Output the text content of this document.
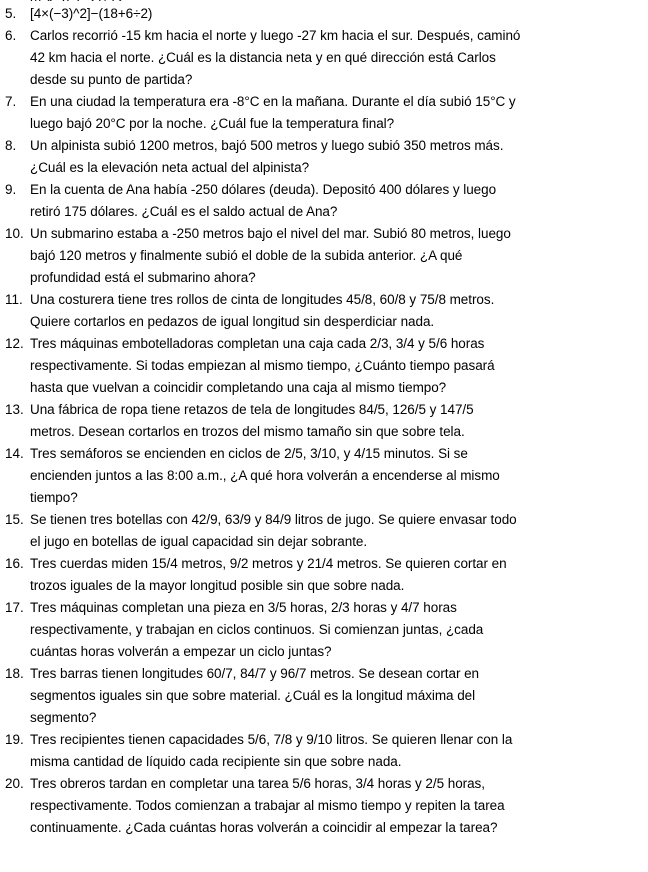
5. [4×(−3)^2]−(18+6÷2)
6. Carlos recorrió -15 km hacia el norte y luego -27 km hacia el sur. Después, caminó
42 km hacia el norte. ¿Cuál es la distancia neta y en qué dirección está Carlos
desde su punto de partida?
7. En una ciudad la temperatura era -8°C en la mañana. Durante el día subió 15°C y
luego bajó 20°C por la noche. ¿Cuál fue la temperatura final?
8. Un alpinista subió 1200 metros, bajó 500 metros y luego subió 350 metros más.
¿Cuál es la elevación neta actual del alpinista?
9. En la cuenta de Ana había -250 dólares (deuda). Depositó 400 dólares y luego
retiró 175 dólares. ¿Cuál es el saldo actual de Ana?
10. Un submarino estaba a -250 metros bajo el nivel del mar. Subió 80 metros, luego
bajó 120 metros y finalmente subió el doble de la subida anterior. ¿A qué
profundidad está el submarino ahora?
11. Una costurera tiene tres rollos de cinta de longitudes 45/8, 60/8 y 75/8 metros.
Quiere cortarlos en pedazos de igual longitud sin desperdiciar nada.
12. Tres máquinas embotelladoras completan una caja cada 2/3, 3/4 y 5/6 horas
respectivamente. Si todas empiezan al mismo tiempo, ¿Cuánto tiempo pasará
hasta que vuelvan a coincidir completando una caja al mismo tiempo?
13. Una fábrica de ropa tiene retazos de tela de longitudes 84/5, 126/5 y 147/5
metros. Desean cortarlos en trozos del mismo tamaño sin que sobre tela.
14. Tres semáforos se encienden en ciclos de 2/5, 3/10, y 4/15 minutos. Si se
encienden juntos a las 8:00 a.m., ¿A qué hora volverán a encenderse al mismo
tiempo?
15. Se tienen tres botellas con 42/9, 63/9 y 84/9 litros de jugo. Se quiere envasar todo
el jugo en botellas de igual capacidad sin dejar sobrante.
16. Tres cuerdas miden 15/4 metros, 9/2 metros y 21/4 metros. Se quieren cortar en
trozos iguales de la mayor longitud posible sin que sobre nada.
17. Tres máquinas completan una pieza en 3/5 horas, 2/3 horas y 4/7 horas
respectivamente, y trabajan en ciclos continuos. Si comienzan juntas, ¿cada
cuántas horas volverán a empezar un ciclo juntas?
18. Tres barras tienen longitudes 60/7, 84/7 y 96/7 metros. Se desean cortar en
segmentos iguales sin que sobre material. ¿Cuál es la longitud máxima del
segmento?
19. Tres recipientes tienen capacidades 5/6, 7/8 y 9/10 litros. Se quieren llenar con la
misma cantidad de líquido cada recipiente sin que sobre nada.
20. Tres obreros tardan en completar una tarea 5/6 horas, 3/4 horas y 2/5 horas,
respectivamente. Todos comienzan a trabajar al mismo tiempo y repiten la tarea
continuamente. ¿Cada cuántas horas volverán a coincidir al empezar la tarea?
